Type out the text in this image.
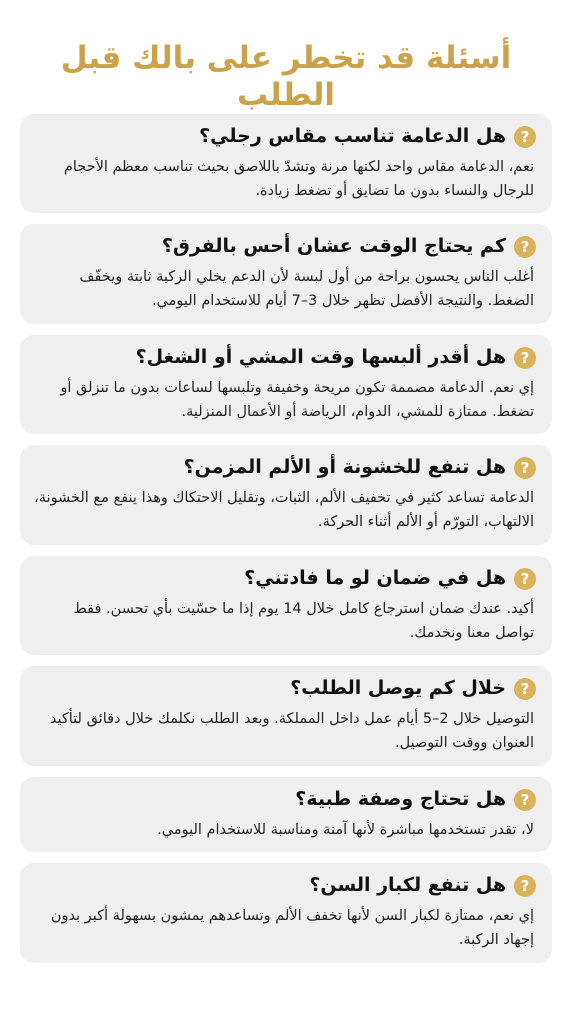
أسئلة قد تخطر على بالك قبل الطلب
?
هل الدعامة تناسب مقاس رجلي؟

نعم، الدعامة مقاس واحد لكنها مرنة وتشدّ باللاصق بحيث تناسب معظم الأحجام للرجال والنساء بدون ما تضايق أو تضغط زيادة.

?
كم يحتاج الوقت عشان أحس بالفرق؟

أغلب الناس يحسون براحة من أول لبسة لأن الدعم يخلي الركبة ثابتة ويخفّف الضغط. والنتيجة الأفضل تظهر خلال 3–7 أيام للاستخدام اليومي.

?
هل أقدر ألبسها وقت المشي أو الشغل؟

إي نعم. الدعامة مصممة تكون مريحة وخفيفة وتلبسها لساعات بدون ما تنزلق أو تضغط. ممتازة للمشي، الدوام، الرياضة أو الأعمال المنزلية.

?
هل تنفع للخشونة أو الألم المزمن؟

الدعامة تساعد كثير في تخفيف الألم، الثبات، وتقليل الاحتكاك وهذا ينفع مع الخشونة، الالتهاب، التورّم أو الألم أثناء الحركة.

?
هل في ضمان لو ما فادتني؟

أكيد. عندك ضمان استرجاع كامل خلال 14 يوم إذا ما حسّيت بأي تحسن. فقط تواصل معنا ونخدمك.

?
خلال كم يوصل الطلب؟

التوصيل خلال 2–5 أيام عمل داخل المملكة. وبعد الطلب نكلمك خلال دقائق لتأكيد العنوان ووقت التوصيل.

?
هل تحتاج وصفة طبية؟

لا، تقدر تستخدمها مباشرة لأنها آمنة ومناسبة للاستخدام اليومي.

?
هل تنفع لكبار السن؟

إي نعم، ممتازة لكبار السن لأنها تخفف الألم وتساعدهم يمشون بسهولة أكبر بدون إجهاد الركبة.
